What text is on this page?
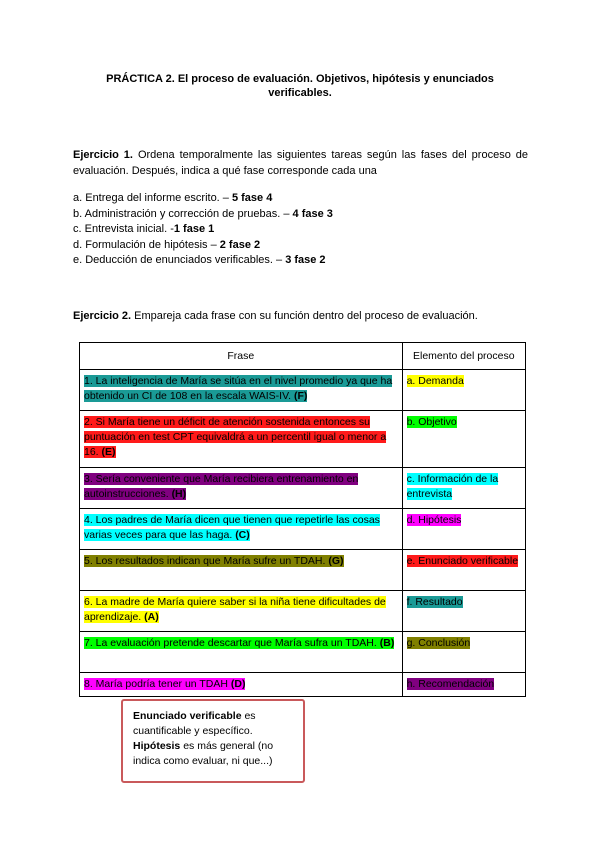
PRÁCTICA 2. El proceso de evaluación. Objetivos, hipótesis y enunciados verificables.
Ejercicio 1. Ordena temporalmente las siguientes tareas según las fases del proceso de evaluación. Después, indica a qué fase corresponde cada una
a. Entrega del informe escrito. – 5 fase 4
b. Administración y corrección de pruebas. – 4 fase 3
c. Entrevista inicial. -1 fase 1
d. Formulación de hipótesis – 2 fase 2
e. Deducción de enunciados verificables. – 3 fase 2
Ejercicio 2. Empareja cada frase con su función dentro del proceso de evaluación.
Frase	Elemento del proceso
1. La inteligencia de María se sitúa en el nivel promedio ya que ha obtenido un CI de 108 en la escala WAIS-IV. (F)	a. Demanda
2. Si María tiene un déficit de atención sostenida entonces su puntuación en test CPT equivaldrá a un percentil igual o menor a 16. (E)	b. Objetivo
3. Sería conveniente que María recibiera entrenamiento en autoinstrucciones. (H)	c. Información de la entrevista
4. Los padres de María dicen que tienen que repetirle las cosas varias veces para que las haga. (C)	d. Hipótesis
5. Los resultados indican que María sufre un TDAH. (G)	e. Enunciado verificable
6. La madre de María quiere saber si la niña tiene dificultades de aprendizaje. (A)	f. Resultado
7. La evaluación pretende descartar que María sufra un TDAH. (B)	g. Conclusión
8. María podría tener un TDAH (D)	h. Recomendación
Enunciado verificable es cuantificable y específico.
Hipótesis es más general (no indica como evaluar, ni que...)
